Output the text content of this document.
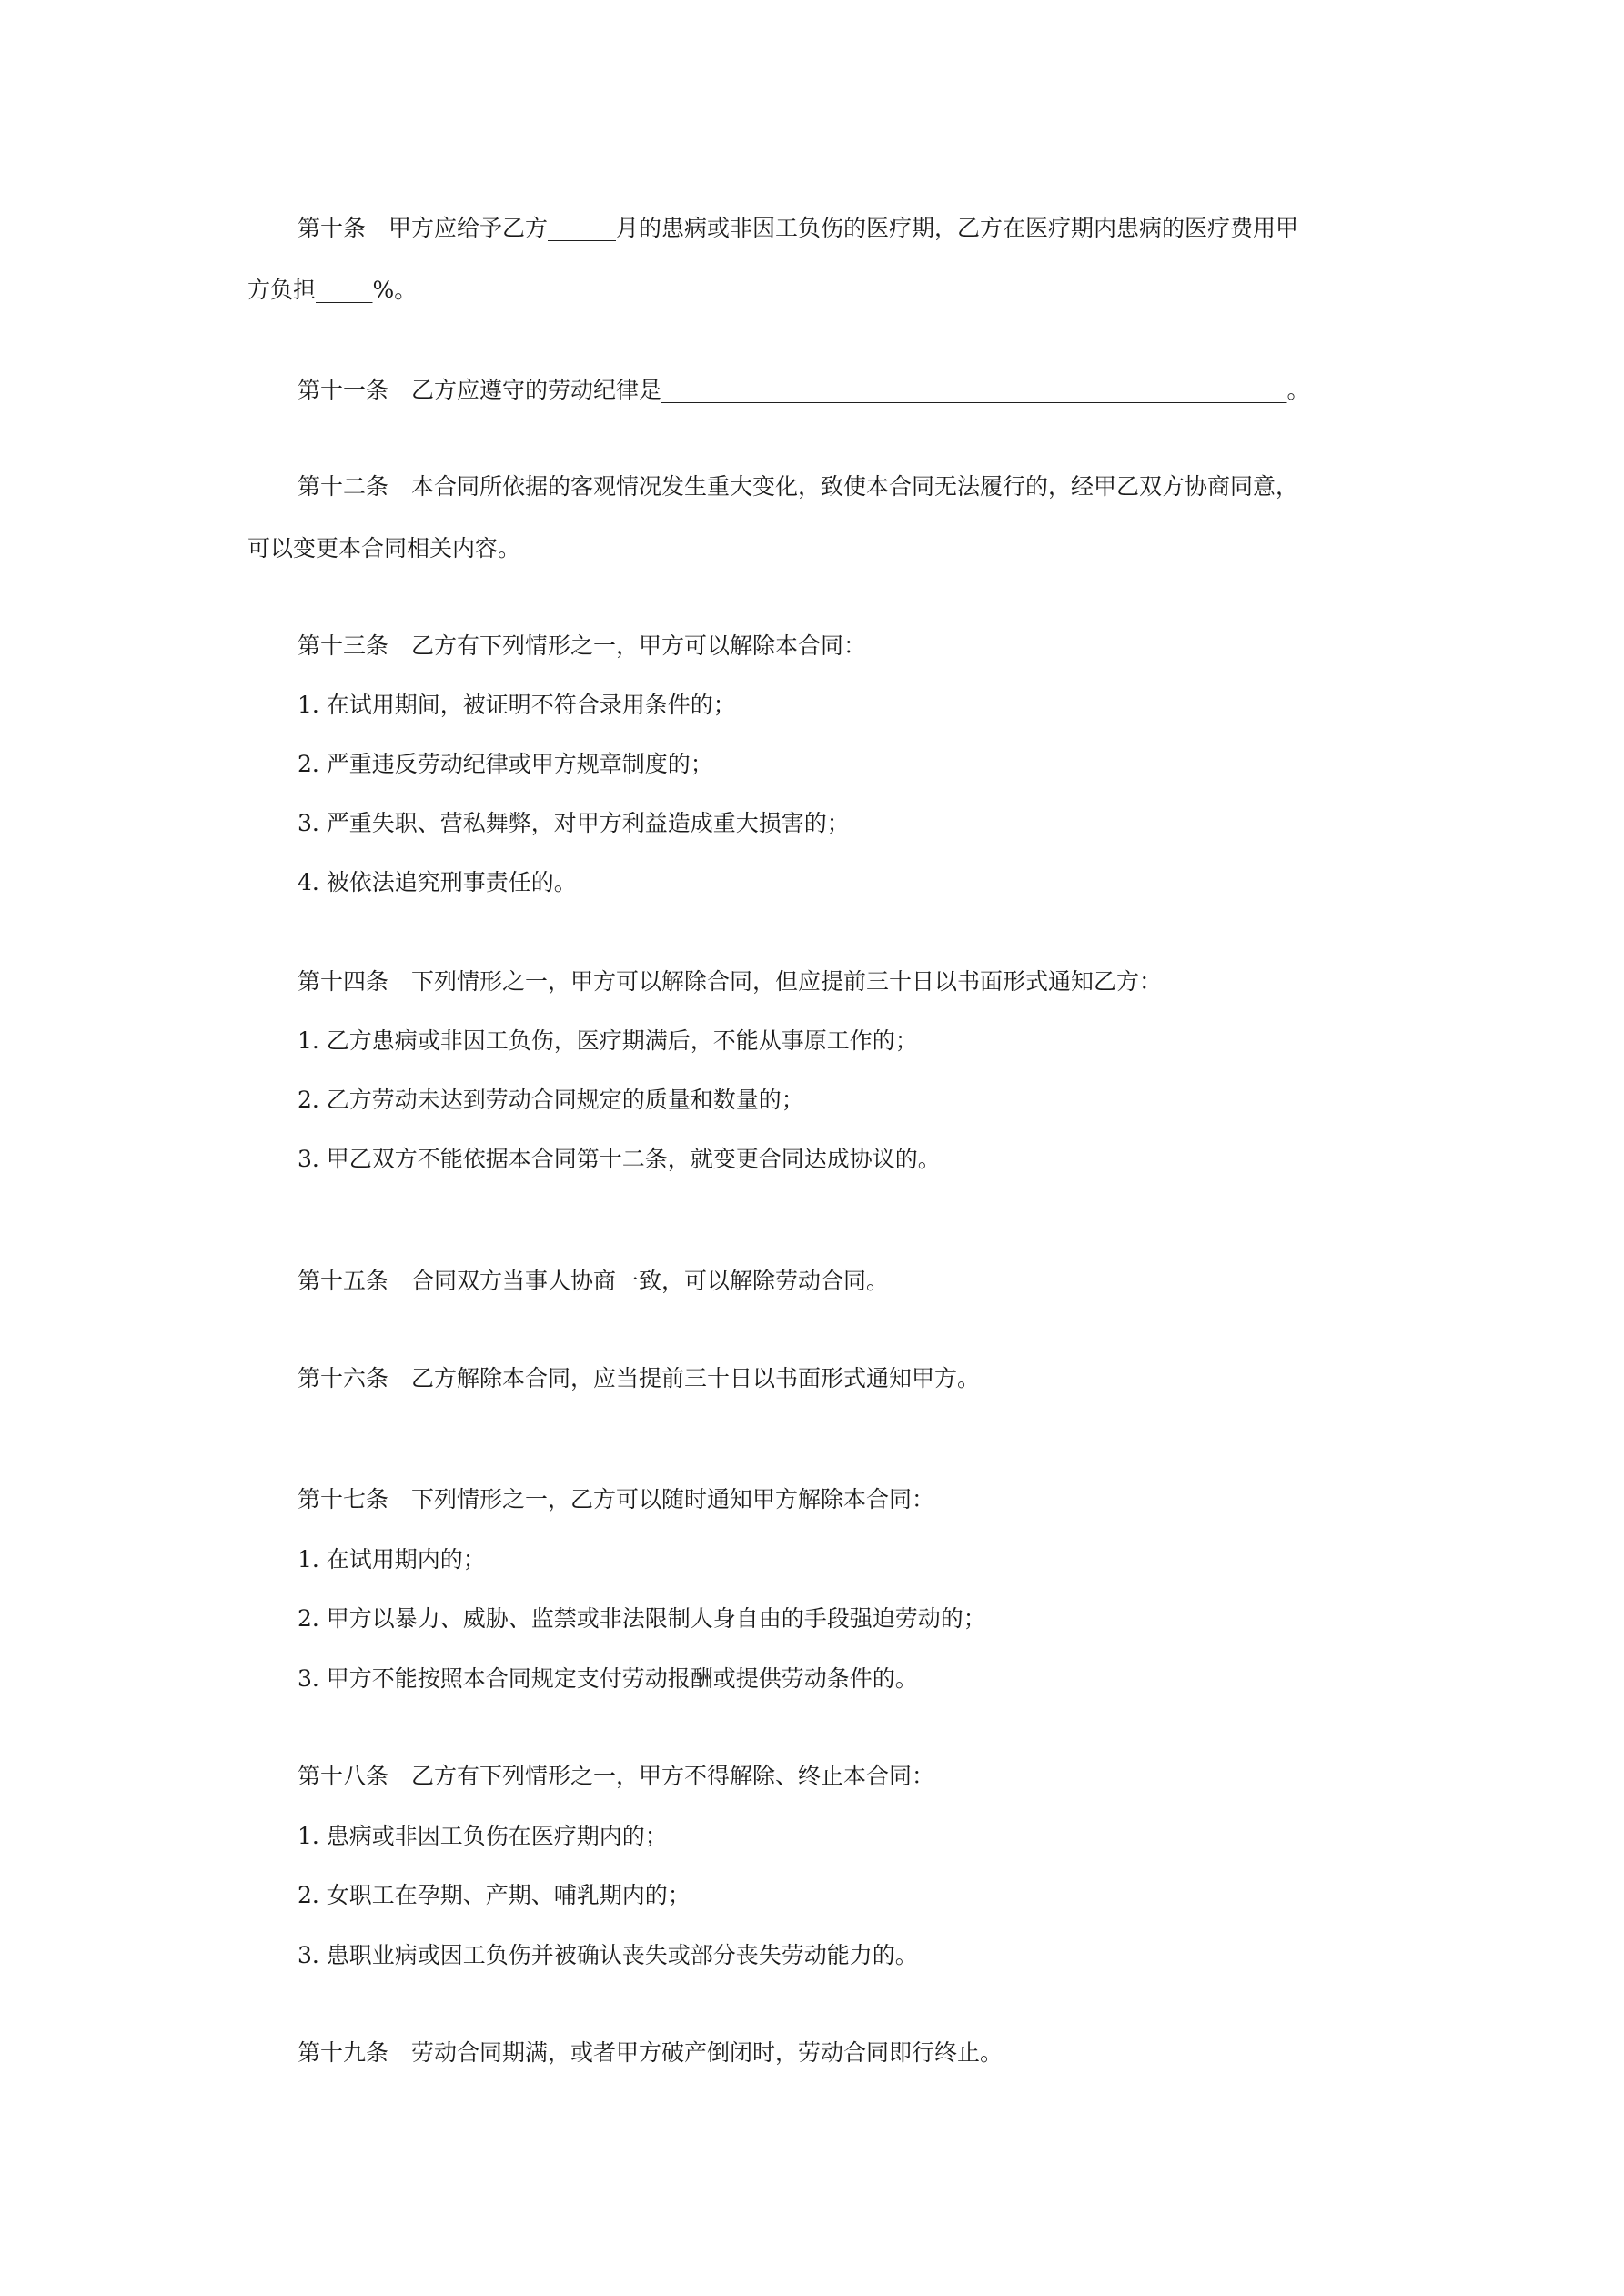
第十条　甲方应给予乙方______月的患病或非因工负伤的医疗期，乙方在医疗期内患病的医疗费用甲
方负担_____%。
第十一条　乙方应遵守的劳动纪律是_______________________________________________________。
第十二条　本合同所依据的客观情况发生重大变化，致使本合同无法履行的，经甲乙双方协商同意，
可以变更本合同相关内容。
第十三条　乙方有下列情形之一，甲方可以解除本合同：
1. 在试用期间，被证明不符合录用条件的；
2. 严重违反劳动纪律或甲方规章制度的；
3. 严重失职、营私舞弊，对甲方利益造成重大损害的；
4. 被依法追究刑事责任的。
第十四条　下列情形之一，甲方可以解除合同，但应提前三十日以书面形式通知乙方：
1. 乙方患病或非因工负伤，医疗期满后，不能从事原工作的；
2. 乙方劳动未达到劳动合同规定的质量和数量的；
3. 甲乙双方不能依据本合同第十二条，就变更合同达成协议的。
第十五条　合同双方当事人协商一致，可以解除劳动合同。
第十六条　乙方解除本合同，应当提前三十日以书面形式通知甲方。
第十七条　下列情形之一，乙方可以随时通知甲方解除本合同：
1. 在试用期内的；
2. 甲方以暴力、威胁、监禁或非法限制人身自由的手段强迫劳动的；
3. 甲方不能按照本合同规定支付劳动报酬或提供劳动条件的。
第十八条　乙方有下列情形之一，甲方不得解除、终止本合同：
1. 患病或非因工负伤在医疗期内的；
2. 女职工在孕期、产期、哺乳期内的；
3. 患职业病或因工负伤并被确认丧失或部分丧失劳动能力的。
第十九条　劳动合同期满，或者甲方破产倒闭时，劳动合同即行终止。
